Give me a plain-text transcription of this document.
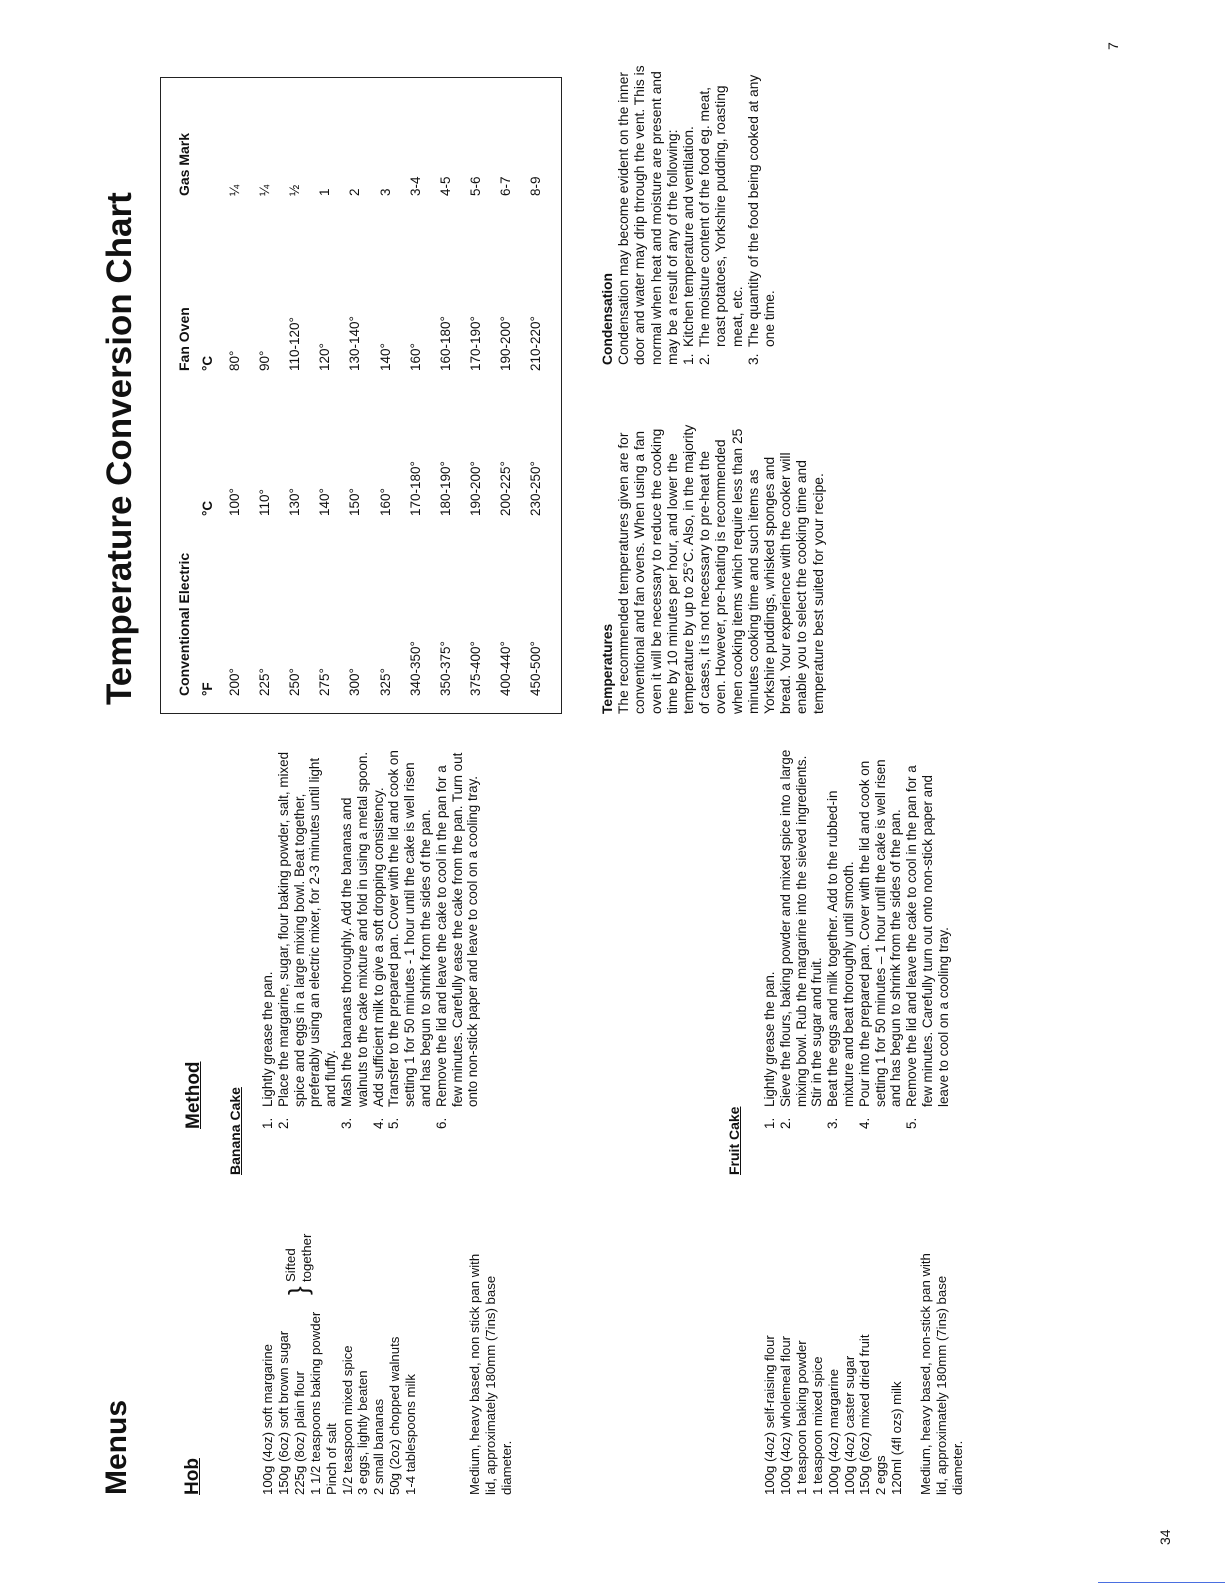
Menus	Hob
Method Banana Cake
100g (4oz) soft margarine 150g (6oz) soft brown sugar 225g (8oz) plain flour 1 1/2 teaspoons baking powder Pinch of salt 1/2 teaspoon mixed spice 3 eggs, lightly beaten 2 small bananas 50g (2oz) chopped walnuts 1-4 tablespoons milk
}
Sifted together	Medium, heavy based, non stick pan with lid, approximately 180mm (7ins) base diameter.
1.
Lightly grease the pan.
2.
Place the margarine, sugar, flour baking powder, salt, mixed spice and eggs in a large mixing bowl. Beat together, preferably using an electric mixer, for 2-3 minutes until light and fluffy.
3.
Mash the bananas thoroughly. Add the bananas and walnuts to the cake mixture and fold in using a metal spoon.
4.
Add sufficient milk to give a soft dropping consistency.
5.
Transfer to the prepared pan. Cover with the lid and cook on setting 1 for 50 minutes - 1 hour until the cake is well risen and has begun to shrink from the sides of the pan.
6.
Remove the lid and leave the cake to cool in the pan for a few minutes. Carefully ease the cake from the pan. Turn out onto non-stick paper and leave to cool on a cooling tray.
Fruit Cake
100g (4oz) self-raising flour 100g (4oz) wholemeal flour 1 teaspoon baking powder 1 teaspoon mixed spice 100g (4oz) margarine 100g (4oz) caster sugar 150g (6oz) mixed dried fruit 2 eggs 120ml (4fl ozs) milk Medium, heavy based, non-stick pan with lid, approximately 180mm (7ins) base diameter.
1.
Lightly grease the pan.
2.
Sieve the flours, baking powder and mixed spice into a large mixing bowl. Rub the margarine into the sieved ingredients. Stir in the sugar and fruit.
3.
Beat the eggs and milk together. Add to the rubbed-in mixture and beat thoroughly until smooth.
4.
Pour into the prepared pan. Cover with the lid and cook on setting 1 for 50 minutes – 1 hour until the cake is well risen and has begun to shrink from the sides of the pan.
5.
Remove the lid and leave the cake to cool in the pan for a few minutes. Carefully turn out onto non-stick paper and leave to cool on a cooling tray.
34
Temperature Conversion Chart	Conventional Electric		Fan Oven	Gas Mark
°F	°C	°C	
200°	100°	80°	¼
225°	110°	90°	¼
250°	130°	110-120°	½
275°	140°	120°	1
300°	150°	130-140°	2
325°	160°	140°	3
340-350°	170-180°	160°	3-4
350-375°	180-190°	160-180°	4-5
375-400°	190-200°	170-190°	5-6
400-440°	200-225°	190-200°	6-7
450-500°	230-250°	210-220°	8-9
Temperatures The recommended temperatures given are for conventional and fan ovens. When using a fan oven it will be necessary to reduce the cooking time by 10 minutes per hour, and lower the temperature by up to 25°C. Also, in the majority of cases, it is not necessary to pre-heat the oven. However, pre-heating is recommended when cooking items which require less than 25 minutes cooking time and such items as Yorkshire puddings, whisked sponges and bread. Your experience with the cooker will enable you to select the cooking time and temperature best suited for your recipe.
Condensation Condensation may become evident on the inner door and water may drip through the vent. This is normal when heat and moisture are present and may be a result of any of the following: 1.
Kitchen temperature and ventilation.
2.
The moisture content of the food eg. meat, roast potatoes, Yorkshire pudding, roasting meat, etc.
3.
The quantity of the food being cooked at any one time.
7
